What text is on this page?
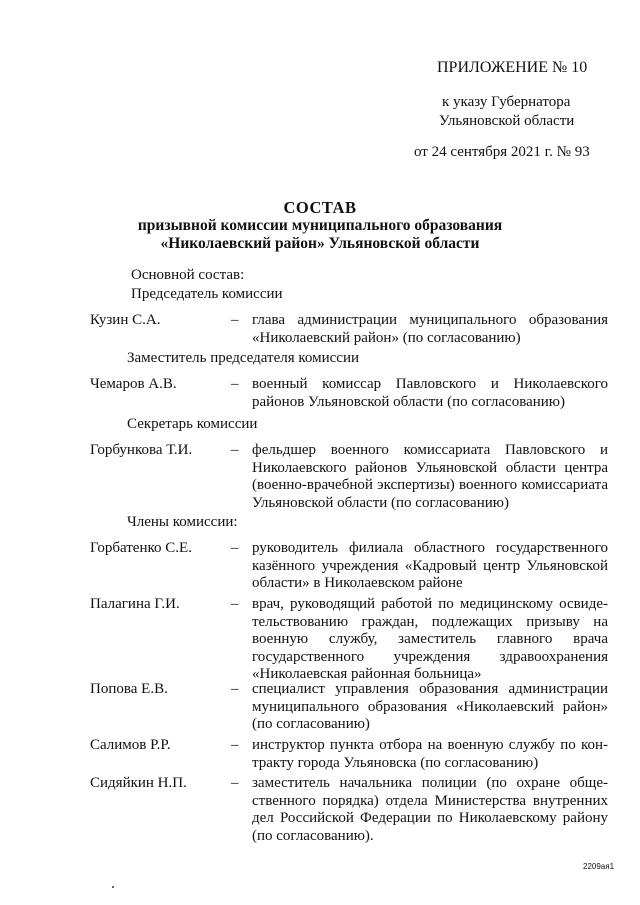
ПРИЛОЖЕНИЕ № 10
к указу Губернатора
Ульяновской области
от 24 сентября 2021 г. № 93
СОСТАВ
призывной комиссии муниципального образования
«Николаевский район» Ульяновской области
Основной состав:
Председатель комиссии
Кузин С.А.	– глава администрации муниципального образования «Николаевский район» (по согласованию)
Заместитель председателя комиссии
Чемаров А.В.	– военный комиссар Павловского и Николаевского районов Ульяновской области (по согласованию)
Секретарь комиссии
Горбункова Т.И.	– фельдшер военного комиссариата Павловского и Николаевского районов Ульяновской области центра (военно-врачебной экспертизы) военного комиссариата Ульяновской области (по согласованию)
Члены комиссии:
Горбатенко С.Е.	– руководитель филиала областного государственного казённого учреждения «Кадровый центр Ульяновской области» в Николаевском районе
Палагина Г.И.	– врач, руководящий работой по медицинскому освиде-тельствованию граждан, подлежащих призыву на военную службу, заместитель главного врача государственного учреждения здравоохранения «Николаевская районная больница»
Попова Е.В.	– специалист управления образования администрации муниципального образования «Николаевский район» (по согласованию)
Салимов Р.Р.	– инструктор пункта отбора на военную службу по кон-тракту города Ульяновска (по согласованию)
Сидяйкин Н.П.	– заместитель начальника полиции (по охране обще-ственного порядка) отдела Министерства внутренних дел Российской Федерации по Николаевскому району (по согласованию).
2209ая1
